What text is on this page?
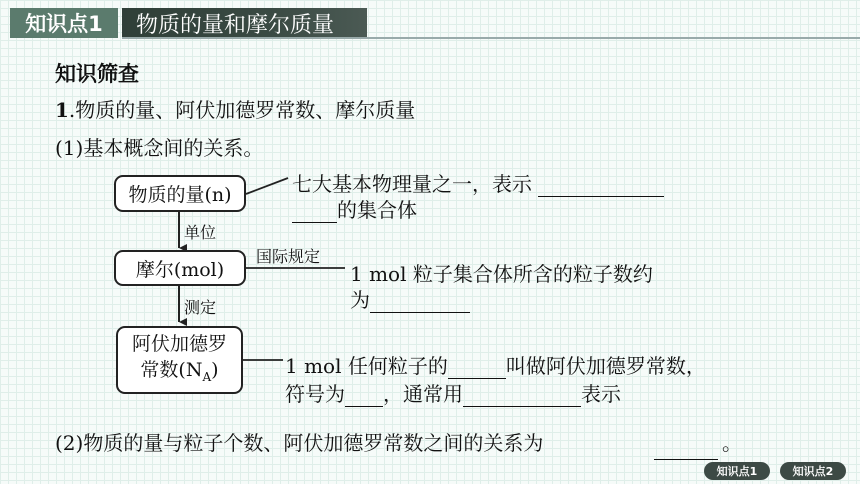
知识点1	物质的量和摩尔质量
知识筛查
1.物质的量、阿伏加德罗常数、摩尔质量
(1)基本概念间的关系。
物质的量(n)
摩尔(mol)
阿伏加德罗
常数$(N_A)$
单位
测定
国际规定
七大基本物理量之一，表示
的集合体
1 mol 粒子集合体所含的粒子数约
为
1 mol 任何粒子的	叫做阿伏加德罗常数，
符号为 ，通常用	表示
(2)物质的量与粒子个数、阿伏加德罗常数之间的关系为	。
知识点1	知识点2
